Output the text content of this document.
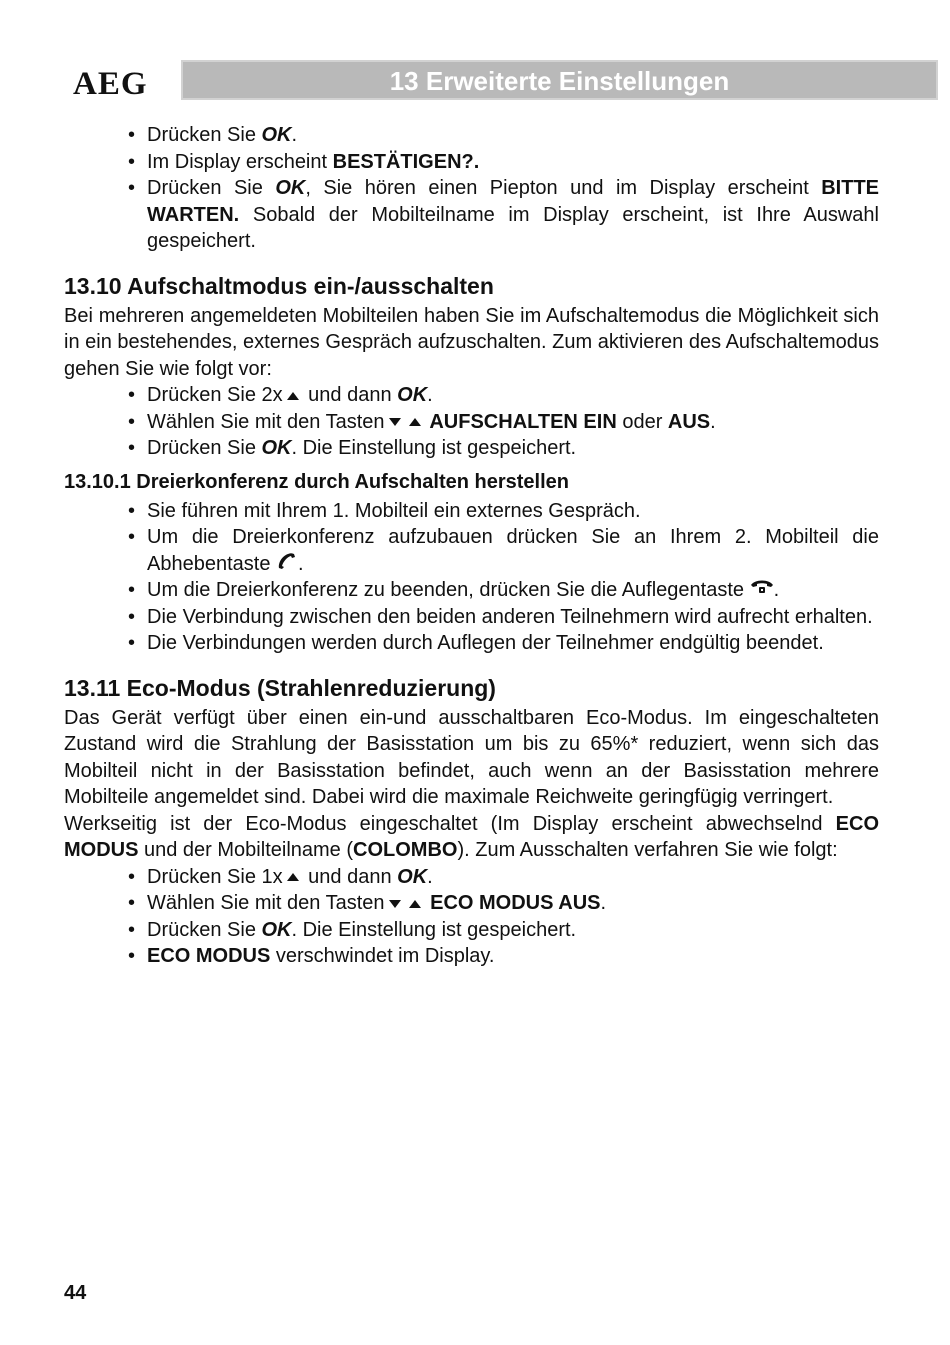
AEG	13 Erweiterte Einstellungen
• Drücken Sie OK.
• Im Display erscheint BESTÄTIGEN?.
• Drücken Sie OK, Sie hören einen Piepton und im Display erscheint BITTE WARTEN. Sobald der Mobilteilname im Display erscheint, ist Ihre Auswahl gespeichert.
13.10 Aufschaltmodus ein-/ausschalten

Bei mehreren angemeldeten Mobilteilen haben Sie im Aufschaltemodus die Möglichkeit sich in ein bestehendes, externes Gespräch aufzuschalten. Zum aktivieren des Aufschaltemodus gehen Sie wie folgt vor:

• Drücken Sie 2x und dann OK.
• Wählen Sie mit den Tasten AUFSCHALTEN EIN oder AUS.
• Drücken Sie OK. Die Einstellung ist gespeichert.
13.10.1 Dreierkonferenz durch Aufschalten herstellen
• Sie führen mit Ihrem 1. Mobilteil ein externes Gespräch.
• Um die Dreierkonferenz aufzubauen drücken Sie an Ihrem 2. Mobilteil die Abhebentaste .
• Um die Dreierkonferenz zu beenden, drücken Sie die Auflegentaste .
• Die Verbindung zwischen den beiden anderen Teilnehmern wird aufrecht erhalten.
• Die Verbindungen werden durch Auflegen der Teilnehmer endgültig beendet.
13.11 Eco-Modus (Strahlenreduzierung)

Das Gerät verfügt über einen ein-und ausschaltbaren Eco-Modus. Im eingeschalteten Zustand wird die Strahlung der Basisstation um bis zu 65%* reduziert, wenn sich das Mobilteil nicht in der Basisstation befindet, auch wenn an der Basisstation mehrere Mobilteile angemeldet sind. Dabei wird die maximale Reichweite geringfügig verringert.

Werkseitig ist der Eco-Modus eingeschaltet (Im Display erscheint abwechselnd ECO MODUS und der Mobilteilname (COLOMBO). Zum Ausschalten verfahren Sie wie folgt:

• Drücken Sie 1x und dann OK.
• Wählen Sie mit den Tasten ECO MODUS AUS.
• Drücken Sie OK. Die Einstellung ist gespeichert.
• ECO MODUS verschwindet im Display.
44
